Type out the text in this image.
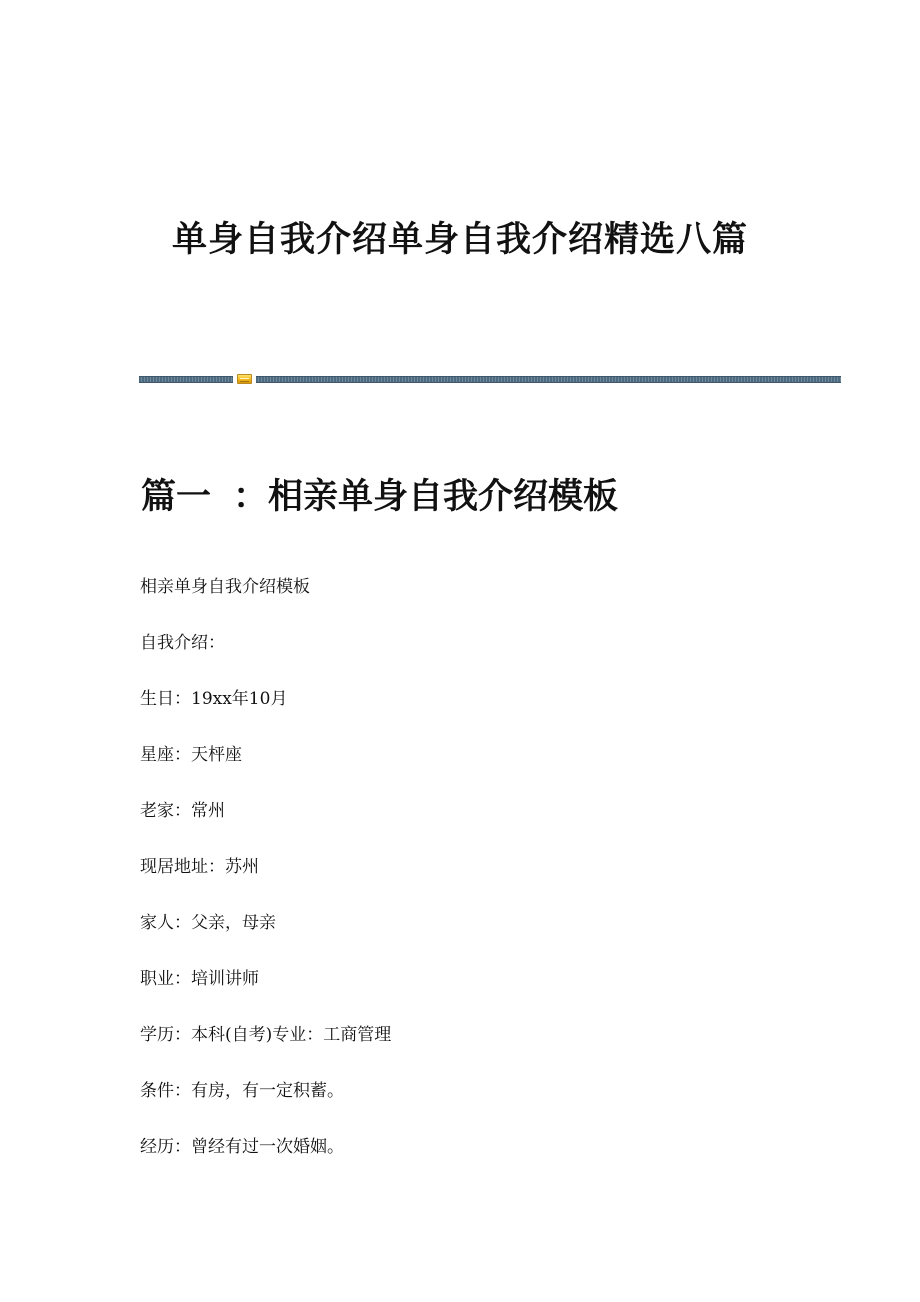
单身自我介绍单身自我介绍精选八篇
篇一 ：相亲单身自我介绍模板
相亲单身自我介绍模板
自我介绍：
生日：19xx年10月
星座：天枰座
老家：常州
现居地址：苏州
家人：父亲，母亲
职业：培训讲师
学历：本科(自考)专业：工商管理
条件：有房，有一定积蓄。
经历：曾经有过一次婚姻。
